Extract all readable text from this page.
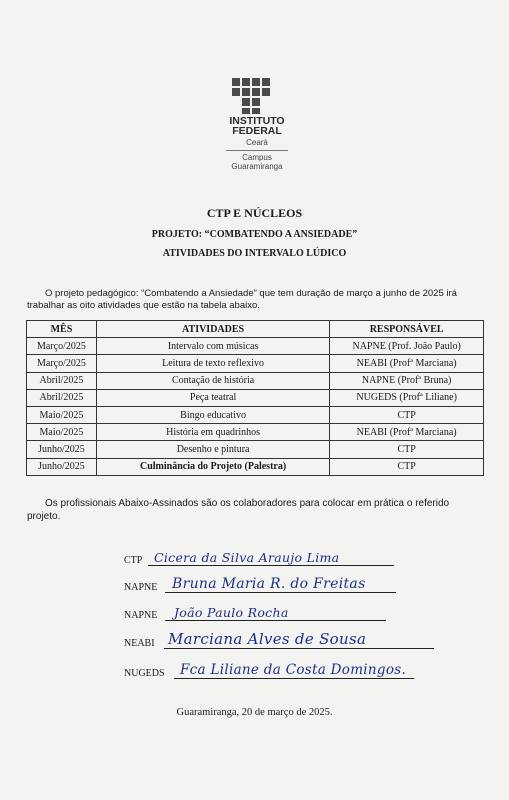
INSTITUTO
FEDERAL
Ceará
Campus
Guaramiranga
CTP E NÚCLEOS
PROJETO: “COMBATENDO A ANSIEDADE”
ATIVIDADES DO INTERVALO LÚDICO
O projeto pedagógico: “Combatendo a Ansiedade” que tem duração de março a junho de 2025 irá trabalhar as oito atividades que estão na tabela abaixo.
MÊS	ATIVIDADES	RESPONSÁVEL
Março/2025	Intervalo com músicas	NAPNE (Prof. João Paulo)
Março/2025	Leitura de texto reflexivo	NEABI (Profª Marciana)
Abril/2025	Contação de história	NAPNE (Profª Bruna)
Abril/2025	Peça teatral	NUGEDS (Profª Liliane)
Maio/2025	Bingo educativo	CTP
Maio/2025	História em quadrinhos	NEABI (Profª Marciana)
Junho/2025	Desenho e pintura	CTP
Junho/2025	Culminância do Projeto (Palestra)	CTP
Os profissionais Abaixo-Assinados são os colaboradores para colocar em prática o referido projeto.
CTP Cicera da Silva Araujo Lima
NAPNE Bruna Maria R. do Freitas
NAPNE João Paulo Rocha
NEABI Marciana Alves de Sousa
NUGEDS Fca Liliane da Costa Domingos.
Guaramiranga, 20 de março de 2025.
